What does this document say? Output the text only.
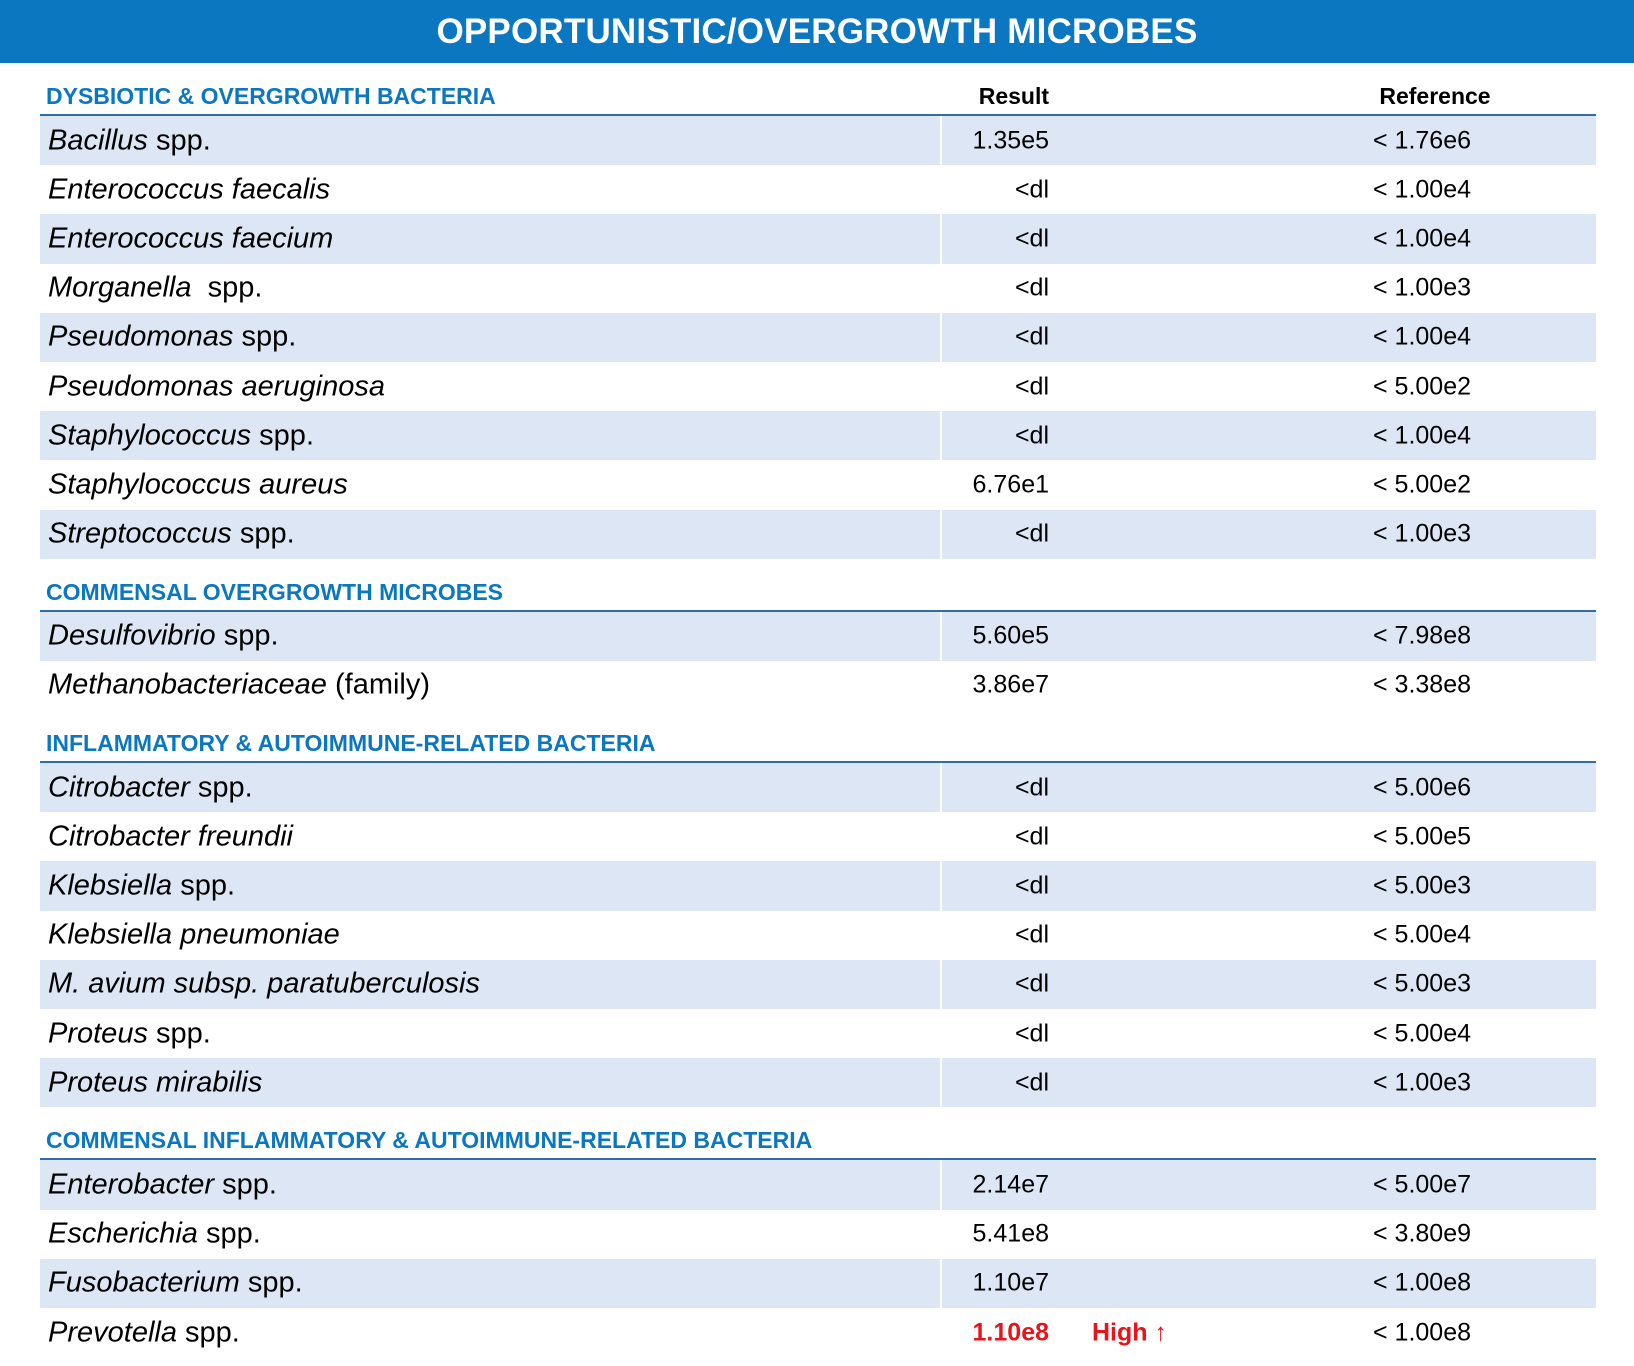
OPPORTUNISTIC/OVERGROWTH MICROBES
DYSBIOTIC & OVERGROWTH BACTERIA	Result	Reference
Bacillus spp.	1.35e5	< 1.76e6
Enterococcus faecalis	<dl	< 1.00e4
Enterococcus faecium	<dl	< 1.00e4
Morganella  spp.	<dl	< 1.00e3
Pseudomonas spp.	<dl	< 1.00e4
Pseudomonas aeruginosa	<dl	< 5.00e2
Staphylococcus spp.	<dl	< 1.00e4
Staphylococcus aureus	6.76e1	< 5.00e2
Streptococcus spp.	<dl	< 1.00e3
COMMENSAL OVERGROWTH MICROBES
Desulfovibrio spp.	5.60e5	< 7.98e8
Methanobacteriaceae (family)	3.86e7	< 3.38e8
INFLAMMATORY & AUTOIMMUNE-RELATED BACTERIA
Citrobacter spp.	<dl	< 5.00e6
Citrobacter freundii	<dl	< 5.00e5
Klebsiella spp.	<dl	< 5.00e3
Klebsiella pneumoniae	<dl	< 5.00e4
M. avium subsp. paratuberculosis	<dl	< 5.00e3
Proteus spp.	<dl	< 5.00e4
Proteus mirabilis	<dl	< 1.00e3
COMMENSAL INFLAMMATORY & AUTOIMMUNE-RELATED BACTERIA
Enterobacter spp.	2.14e7	< 5.00e7
Escherichia spp.	5.41e8	< 3.80e9
Fusobacterium spp.	1.10e7	< 1.00e8
Prevotella spp.	1.10e8 High ↑	< 1.00e8
